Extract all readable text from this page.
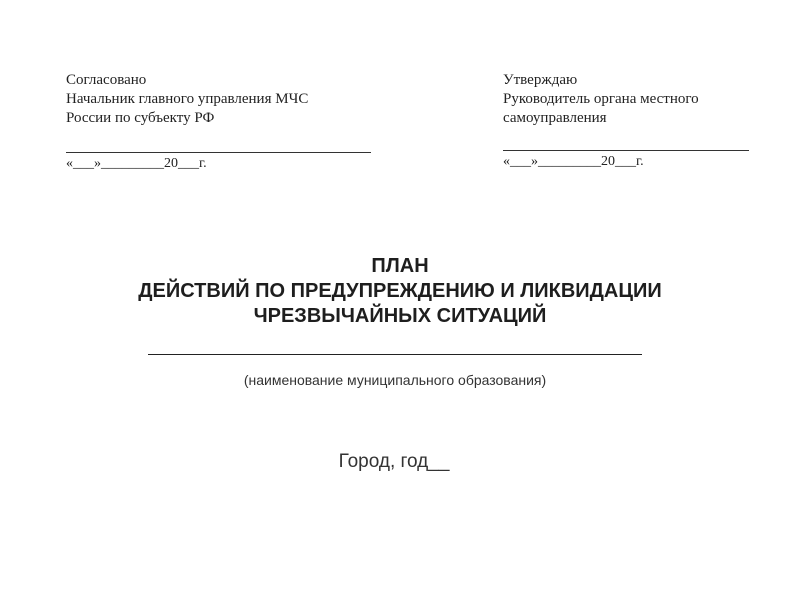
Согласовано
Начальник главного управления МЧС
России по субъекту РФ
«___»_________20___г.
Утверждаю
Руководитель органа местного
самоуправления
«___»_________20___г.
ПЛАН
ДЕЙСТВИЙ ПО ПРЕДУПРЕЖДЕНИЮ И ЛИКВИДАЦИИ
ЧРЕЗВЫЧАЙНЫХ СИТУАЦИЙ
(наименование муниципального образования)
Город, год__
